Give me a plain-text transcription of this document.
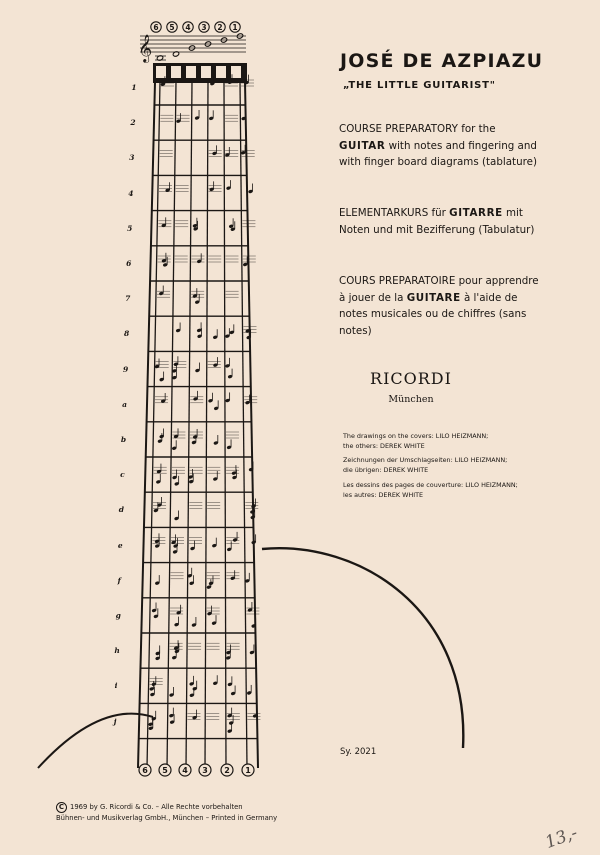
𝄞
6 5 4 3 2 1
6 5 4 3 2 1
1
2
3
4
5
6
7
8
9
a
b
c
d
e
f
g
h
i
j
JOSÉ DE AZPIAZU
„THE LITTLE GUITARIST"

COURSE PREPARATORY for the GUITAR with notes and fingering and with finger board diagrams (tablature)

ELEMENTARKURS für GITARRE mit Noten und mit Bezifferung (Tabulatur)

COURS PREPARATOIRE pour apprendre à jouer de la GUITARE à l'aide de notes musicales ou de chiffres (sans notes)

RICORDI
München
The drawings on the covers: LILO HEIZMANN;
the others: DEREK WHITE
Zeichnungen der Umschlagseiten: LILO HEIZMANN;
die übrigen: DEREK WHITE
Les dessins des pages de couverture: LILO HEIZMANN;
les autres: DEREK WHITE
Sy. 2021
C 1969 by G. Ricordi & Co. – Alle Rechte vorbehalten
Bühnen- und Musikverlag GmbH., München – Printed in Germany
13,-
